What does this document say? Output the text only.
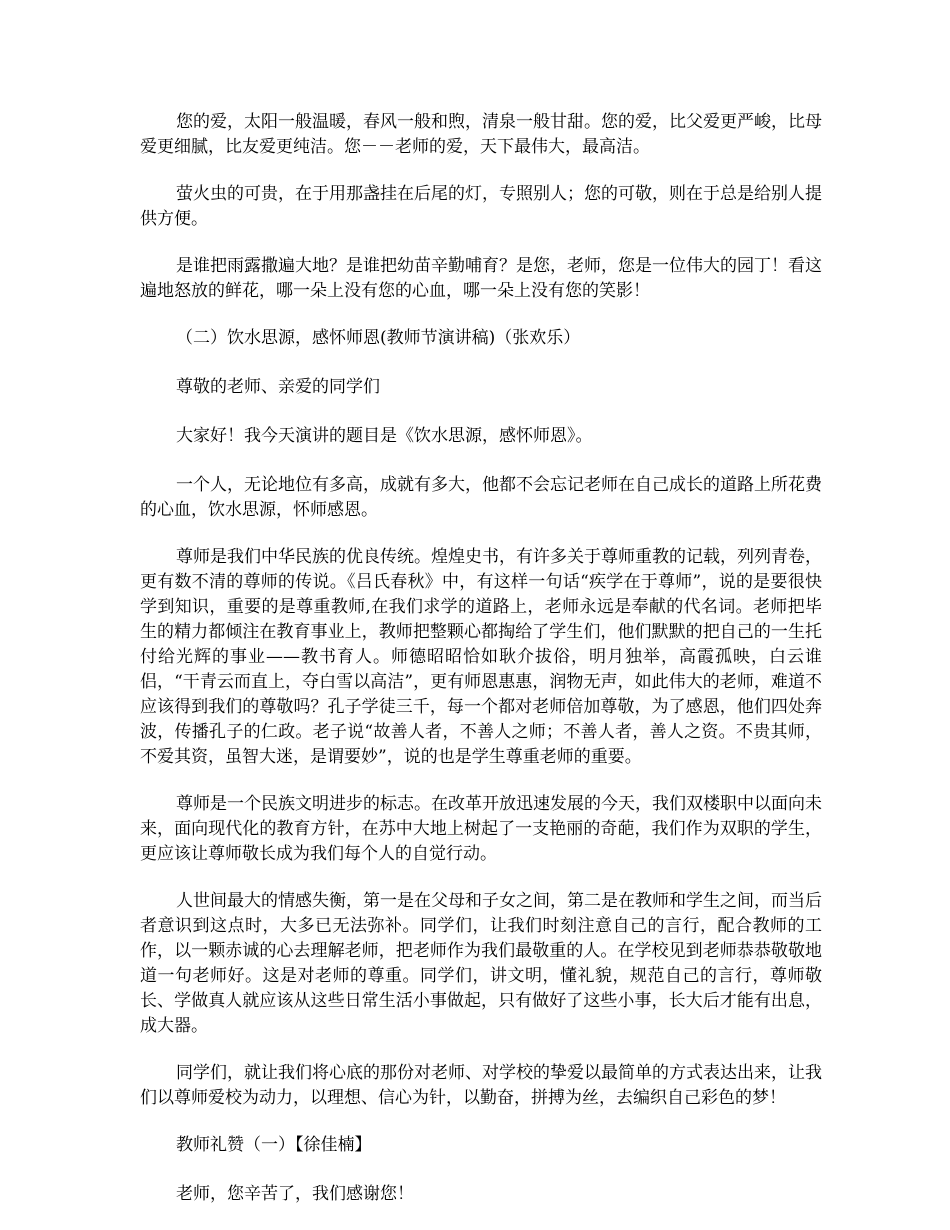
您的爱，太阳一般温暖，春风一般和煦，清泉一般甘甜。您的爱，比父爱更严峻，比母爱更细腻，比友爱更纯洁。您－－老师的爱，天下最伟大，最高洁。

萤火虫的可贵，在于用那盏挂在后尾的灯，专照别人；您的可敬，则在于总是给别人提供方便。

是谁把雨露撒遍大地？是谁把幼苗辛勤哺育？是您，老师，您是一位伟大的园丁！看这遍地怒放的鲜花，哪一朵上没有您的心血，哪一朵上没有您的笑影！

（二）饮水思源，感怀师恩(教师节演讲稿)（张欢乐）

尊敬的老师、亲爱的同学们

大家好！我今天演讲的题目是《饮水思源，感怀师恩》。

一个人，无论地位有多高，成就有多大，他都不会忘记老师在自己成长的道路上所花费的心血，饮水思源，怀师感恩。

尊师是我们中华民族的优良传统。煌煌史书，有许多关于尊师重教的记载，列列青卷，更有数不清的尊师的传说。《吕氏春秋》中，有这样一句话“疾学在于尊师”，说的是要很快学到知识，重要的是尊重教师,在我们求学的道路上，老师永远是奉献的代名词。老师把毕生的精力都倾注在教育事业上，教师把整颗心都掏给了学生们，他们默默的把自己的一生托付给光辉的事业——教书育人。师德昭昭恰如耿介拔俗，明月独举，高霞孤映，白云谁侣，“干青云而直上，夺白雪以高洁”，更有师恩惠惠，润物无声，如此伟大的老师，难道不应该得到我们的尊敬吗？孔子学徒三千，每一个都对老师倍加尊敬，为了感恩，他们四处奔波，传播孔子的仁政。老子说“故善人者，不善人之师；不善人者，善人之资。不贵其师，不爱其资，虽智大迷，是谓要妙”，说的也是学生尊重老师的重要。

尊师是一个民族文明进步的标志。在改革开放迅速发展的今天，我们双楼职中以面向未来，面向现代化的教育方针，在苏中大地上树起了一支艳丽的奇葩，我们作为双职的学生，更应该让尊师敬长成为我们每个人的自觉行动。

人世间最大的情感失衡，第一是在父母和子女之间，第二是在教师和学生之间，而当后者意识到这点时，大多已无法弥补。同学们，让我们时刻注意自己的言行，配合教师的工作，以一颗赤诚的心去理解老师，把老师作为我们最敬重的人。在学校见到老师恭恭敬敬地道一句老师好。这是对老师的尊重。同学们，讲文明，懂礼貌，规范自己的言行，尊师敬长、学做真人就应该从这些日常生活小事做起，只有做好了这些小事，长大后才能有出息，成大器。

同学们，就让我们将心底的那份对老师、对学校的挚爱以最简单的方式表达出来，让我们以尊师爱校为动力，以理想、信心为针，以勤奋，拼搏为丝，去编织自己彩色的梦！

教师礼赞（一）【徐佳楠】

老师，您辛苦了，我们感谢您！
